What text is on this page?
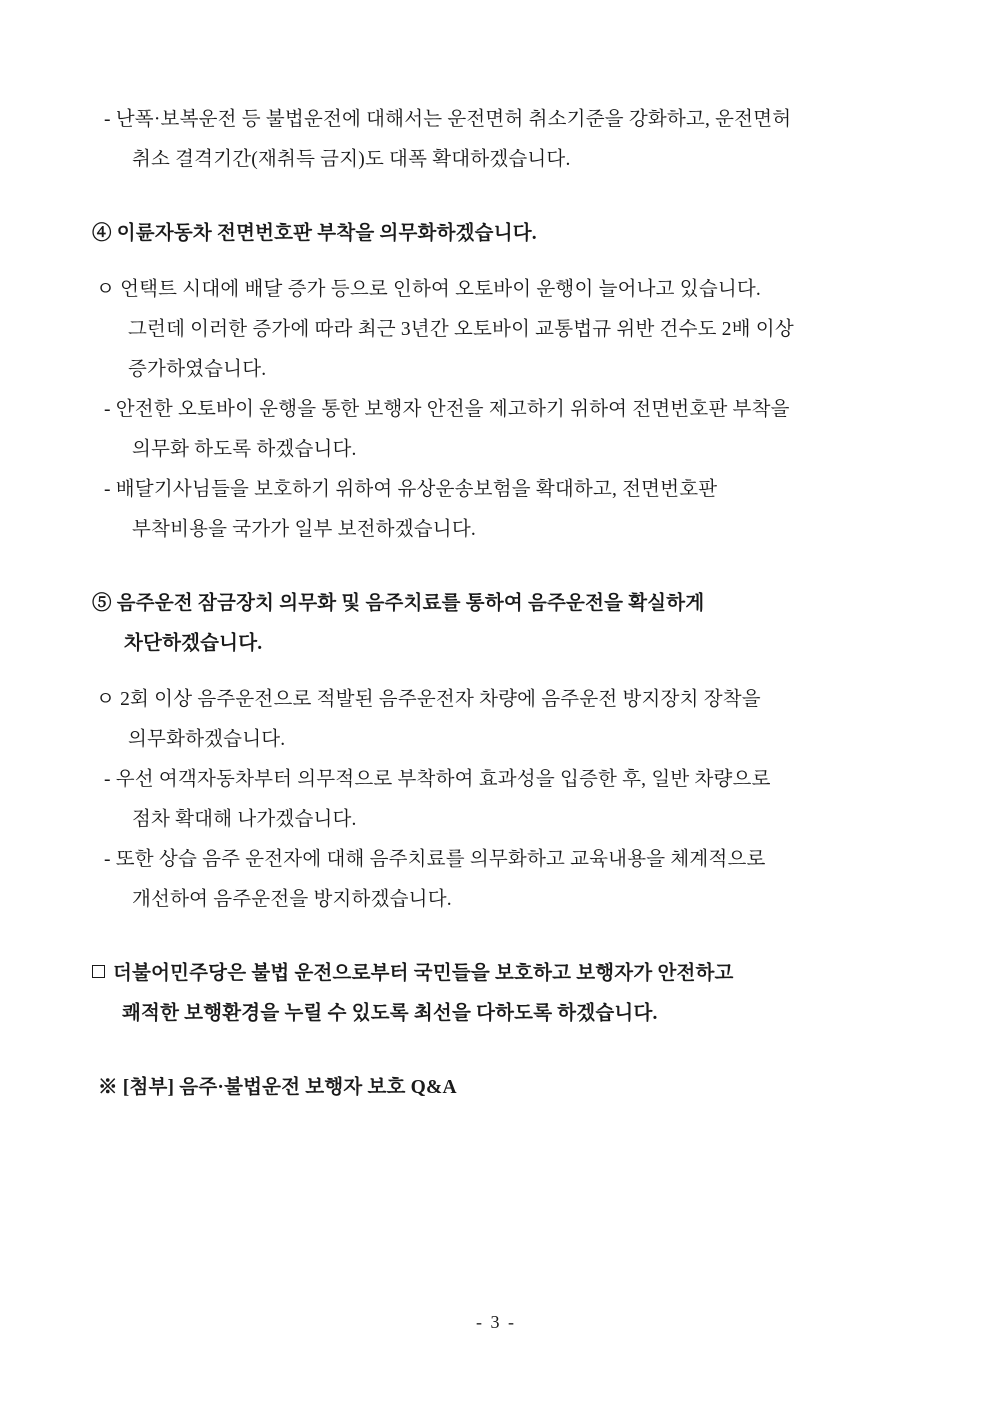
- 난폭·보복운전 등 불법운전에 대해서는 운전면허 취소기준을 강화하고, 운전면허
취소 결격기간(재취득 금지)도 대폭 확대하겠습니다.
④ 이륜자동차 전면번호판 부착을 의무화하겠습니다.
ㅇ 언택트 시대에 배달 증가 등으로 인하여 오토바이 운행이 늘어나고 있습니다.
그런데 이러한 증가에 따라 최근 3년간 오토바이 교통법규 위반 건수도 2배 이상
증가하였습니다.
- 안전한 오토바이 운행을 통한 보행자 안전을 제고하기 위하여 전면번호판 부착을
의무화 하도록 하겠습니다.
- 배달기사님들을 보호하기 위하여 유상운송보험을 확대하고, 전면번호판
부착비용을 국가가 일부 보전하겠습니다.
⑤ 음주운전 잠금장치 의무화 및 음주치료를 통하여 음주운전을 확실하게
차단하겠습니다.
ㅇ 2회 이상 음주운전으로 적발된 음주운전자 차량에 음주운전 방지장치 장착을
의무화하겠습니다.
- 우선 여객자동차부터 의무적으로 부착하여 효과성을 입증한 후, 일반 차량으로
점차 확대해 나가겠습니다.
- 또한 상습 음주 운전자에 대해 음주치료를 의무화하고 교육내용을 체계적으로
개선하여 음주운전을 방지하겠습니다.
더불어민주당은 불법 운전으로부터 국민들을 보호하고 보행자가 안전하고
쾌적한 보행환경을 누릴 수 있도록 최선을 다하도록 하겠습니다.
※ [첨부] 음주·불법운전 보행자 보호 Q&A
- 3 -
